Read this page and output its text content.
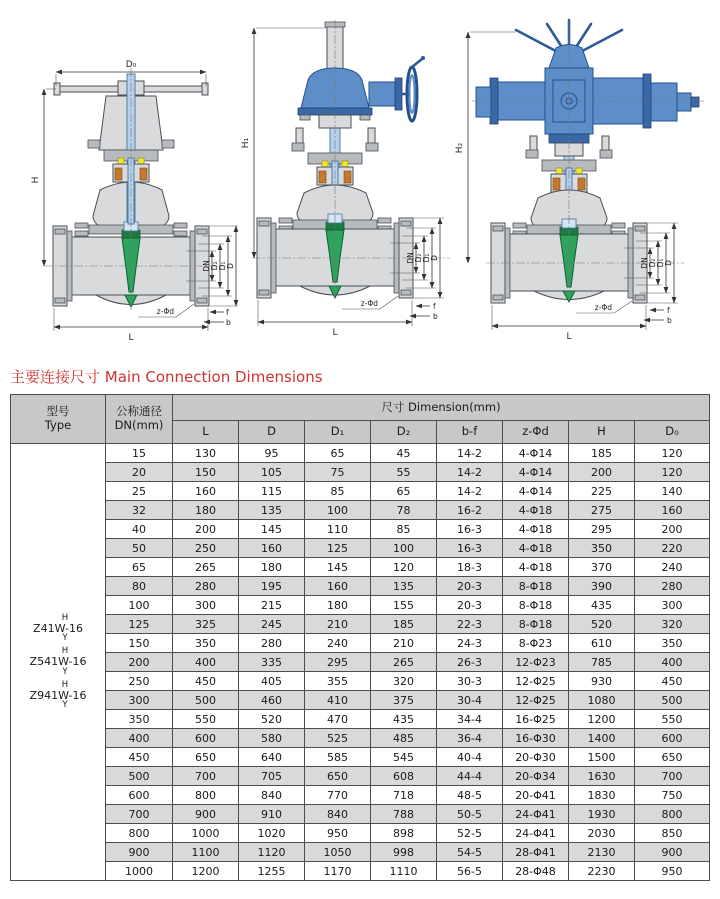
D₀
H
DN D₂ D₁ D
L
f
b
z-Φd
H₁
DN D₂ D₁ D
L
f
b
z-Φd
H₂
DN D₂ D₁ D
L
f
b
z-Φd
主要连接尺寸 Main Connection Dimensions
型号
Type

公称通径
DN(mm)
	尺寸 Dimension(mm)
		L	D	D₁	D₂	b-f	z-Φd	H	D₀

H
Z41W-16
Y
H
Z541W-16
Y
H
Z941W-16
Y
	15	130	95	65	45	14-2	4-Φ14	185	120
	20	150	105	75	55	14-2	4-Φ14	200	120
	25	160	115	85	65	14-2	4-Φ14	225	140
	32	180	135	100	78	16-2	4-Φ18	275	160
	40	200	145	110	85	16-3	4-Φ18	295	200
	50	250	160	125	100	16-3	4-Φ18	350	220
	65	265	180	145	120	18-3	4-Φ18	370	240
	80	280	195	160	135	20-3	8-Φ18	390	280
	100	300	215	180	155	20-3	8-Φ18	435	300
	125	325	245	210	185	22-3	8-Φ18	520	320
	150	350	280	240	210	24-3	8-Φ23	610	350
	200	400	335	295	265	26-3	12-Φ23	785	400
	250	450	405	355	320	30-3	12-Φ25	930	450
	300	500	460	410	375	30-4	12-Φ25	1080	500
	350	550	520	470	435	34-4	16-Φ25	1200	550
	400	600	580	525	485	36-4	16-Φ30	1400	600
	450	650	640	585	545	40-4	20-Φ30	1500	650
	500	700	705	650	608	44-4	20-Φ34	1630	700
	600	800	840	770	718	48-5	20-Φ41	1830	750
	700	900	910	840	788	50-5	24-Φ41	1930	800
	800	1000	1020	950	898	52-5	24-Φ41	2030	850
	900	1100	1120	1050	998	54-5	28-Φ41	2130	900
	1000	1200	1255	1170	1110	56-5	28-Φ48	2230	950
